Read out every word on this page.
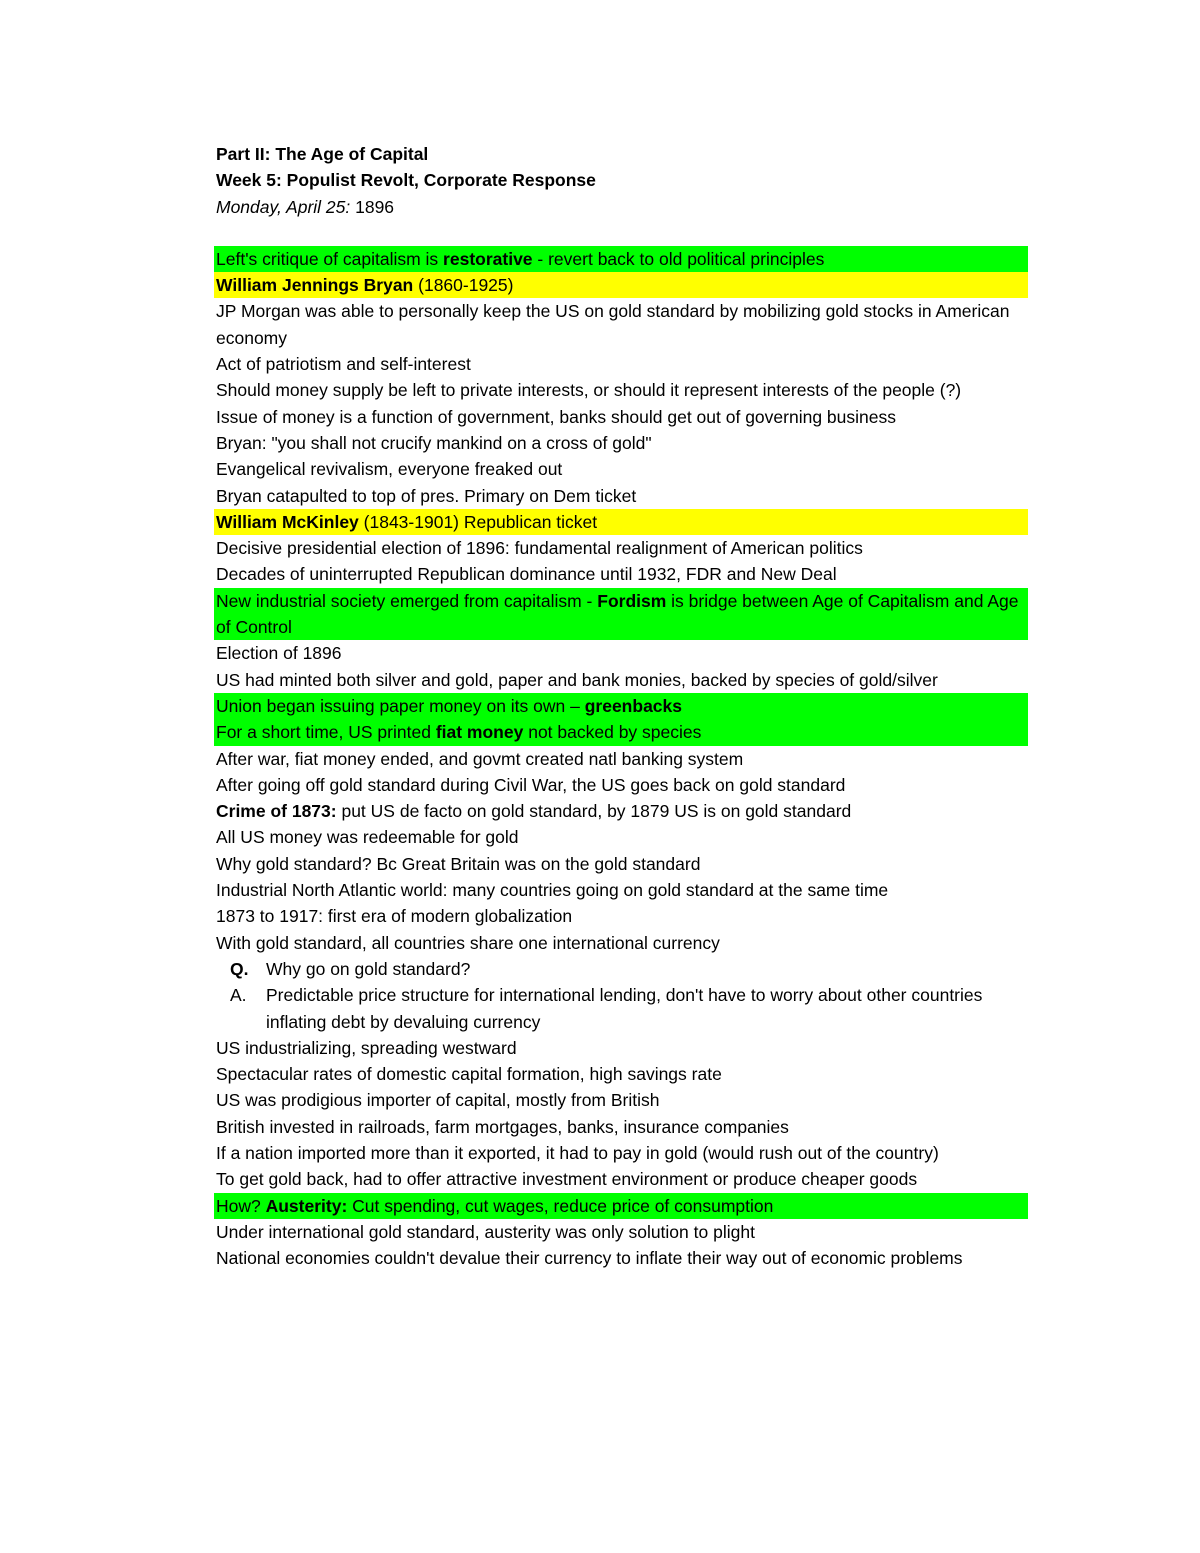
Part II: The Age of Capital
Week 5: Populist Revolt, Corporate Response
Monday, April 25: 1896
Left's critique of capitalism is restorative - revert back to old political principles
William Jennings Bryan (1860-1925)
JP Morgan was able to personally keep the US on gold standard by mobilizing gold stocks in American economy
Act of patriotism and self-interest
Should money supply be left to private interests, or should it represent interests of the people (?)
Issue of money is a function of government, banks should get out of governing business
Bryan: "you shall not crucify mankind on a cross of gold"
Evangelical revivalism, everyone freaked out
Bryan catapulted to top of pres. Primary on Dem ticket
William McKinley (1843-1901) Republican ticket
Decisive presidential election of 1896: fundamental realignment of American politics
Decades of uninterrupted Republican dominance until 1932, FDR and New Deal
New industrial society emerged from capitalism - Fordism is bridge between Age of Capitalism and Age of Control
Election of 1896
US had minted both silver and gold, paper and bank monies, backed by species of gold/silver
Union began issuing paper money on its own – greenbacks
For a short time, US printed fiat money not backed by species
After war, fiat money ended, and govmt created natl banking system
After going off gold standard during Civil War, the US goes back on gold standard
Crime of 1873: put US de facto on gold standard, by 1879 US is on gold standard
All US money was redeemable for gold
Why gold standard? Bc Great Britain was on the gold standard
Industrial North Atlantic world: many countries going on gold standard at the same time
1873 to 1917: first era of modern globalization
With gold standard, all countries share one international currency
Q.	Why go on gold standard?
A.	Predictable price structure for international lending, don't have to worry about other countries inflating debt by devaluing currency
US industrializing, spreading westward
Spectacular rates of domestic capital formation, high savings rate
US was prodigious importer of capital, mostly from British
British invested in railroads, farm mortgages, banks, insurance companies
If a nation imported more than it exported, it had to pay in gold (would rush out of the country)
To get gold back, had to offer attractive investment environment or produce cheaper goods
How? Austerity: Cut spending, cut wages, reduce price of consumption
Under international gold standard, austerity was only solution to plight
National economies couldn't devalue their currency to inflate their way out of economic problems
